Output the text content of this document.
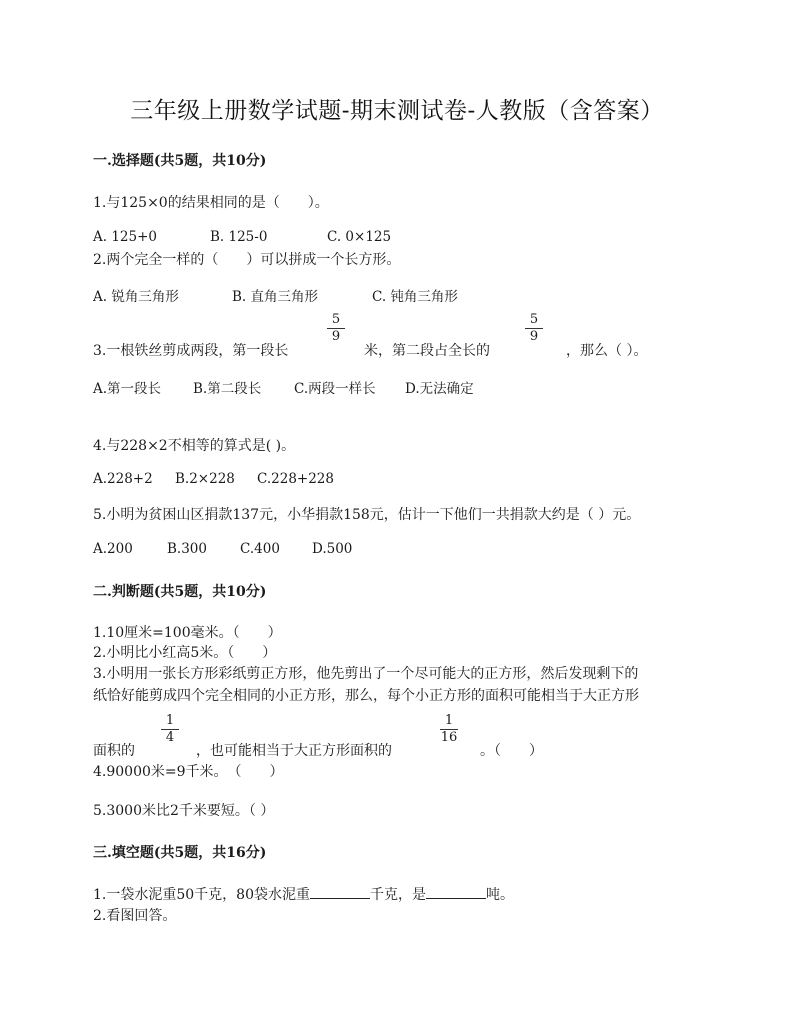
三年级上册数学试题-期末测试卷-人教版（含答案）
一.选择题(共5题，共10分)
1.与125×0的结果相同的是（　　）。
A. 125+0	B. 125-0	C. 0×125
2.两个完全一样的（　　）可以拼成一个长方形。
A. 锐角三角形	B. 直角三角形	C. 钝角三角形
3.一根铁丝剪成两段，第一段长
5
9
米，第二段占全长的
5
9
，那么（ ）。
A.第一段长 B.第二段长 C.两段一样长 D.无法确定
4.与228×2不相等的算式是( )。
A.228+2 B.2×228 C.228+228
5.小明为贫困山区捐款137元，小华捐款158元，估计一下他们一共捐款大约是（ ）元。
A.200	B.300 C.400 D.500
二.判断题(共5题，共10分)
1.10厘米=100毫米。（　　）
2.小明比小红高5米。（　　）
3.小明用一张长方形彩纸剪正方形，他先剪出了一个尽可能大的正方形，然后发现剩下的
纸恰好能剪成四个完全相同的小正方形，那么，每个小正方形的面积可能相当于大正方形
面积的
1
4
，也可能相当于大正方形面积的
1
16
。（　　）
4.90000米=9千米。　（　　）
5.3000米比2千米要短。（ ）
三.填空题(共5题，共16分)
1.一袋水泥重50千克，80袋水泥重	千克，是	吨。
2.看图回答。
